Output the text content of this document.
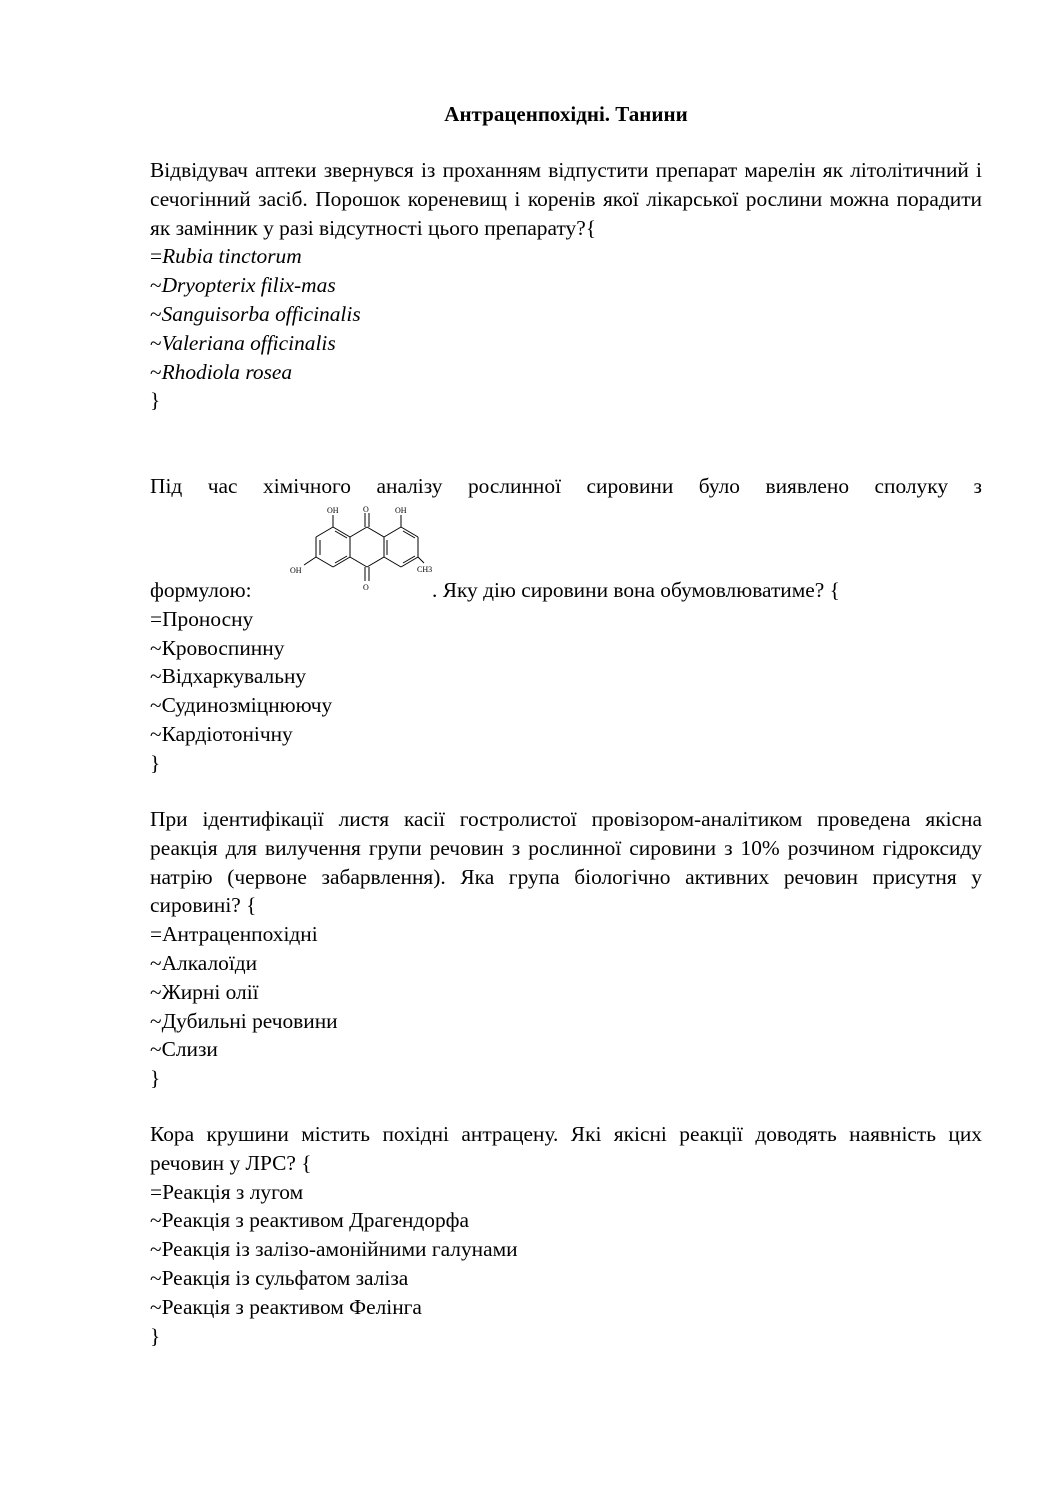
Антраценпохідні. Танини
Відвідувач аптеки звернувся із проханням відпустити препарат марелін як літолітичний і сечогінний засіб. Порошок кореневищ і коренів якої лікарської рослини можна порадити як замінник у разі відсутності цього препарату?{
=Rubia tinctorum
~Dryopterix filix-mas
~Sanguisorba officinalis
~Valeriana officinalis
~Rhodiola rosea
}
Під час хімічного аналізу рослинної сировини було виявлено сполуку з
формулою:
OH	O	OH
OH
O
CH3
. Яку дію сировини вона обумовлюватиме? {
=Проносну
~Кровоспинну
~Відхаркувальну
~Судинозміцнюючу
~Кардіотонічну
}
При ідентифікації листя касії гостролистої провізором-аналітиком проведена якісна реакція для вилучення групи речовин з рослинної сировини з 10% розчином гідроксиду натрію (червоне забарвлення). Яка група біологічно активних речовин присутня у сировині? {
=Антраценпохідні
~Алкалоїди
~Жирні олії
~Дубильні речовини
~Слизи
}
Кора крушини містить похідні антрацену. Які якісні реакції доводять наявність цих речовин у ЛРС? {
=Реакція з лугом
~Реакція з реактивом Драгендорфа
~Реакція із залізо-амонійними галунами
~Реакція із сульфатом заліза
~Реакція з реактивом Фелінга
}
